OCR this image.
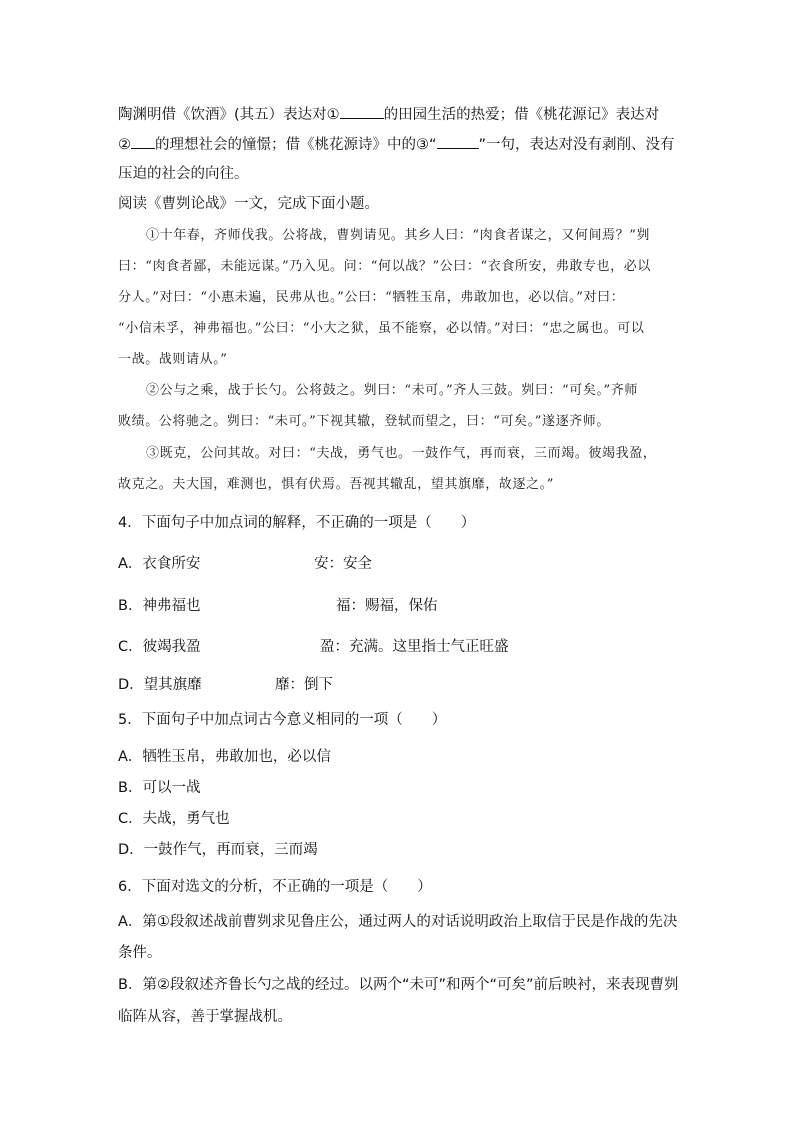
陶渊明借《饮酒》(其五）表达对①	的田园生活的热爱；借《桃花源记》表达对
② 的理想社会的憧憬；借《桃花源诗》中的③“	”一句，表达对没有剥削、没有
压迫的社会的向往。
阅读《曹刿论战》一文，完成下面小题。
①十年春，齐师伐我。公将战，曹刿请见。其乡人曰：“肉食者谋之，又何间焉？”刿
曰：“肉食者鄙，未能远谋。”乃入见。问：“何以战？”公曰：“衣食所安，弗敢专也，必以
分人。”对曰：“小惠未遍，民弗从也。”公曰：“牺牲玉帛，弗敢加也，必以信。”对曰：
“小信未孚，神弗福也。”公曰：“小大之狱，虽不能察，必以情。”对曰：“忠之属也。可以
一战。战则请从。”
②公与之乘，战于长勺。公将鼓之。刿曰：“未可。”齐人三鼓。刿曰：“可矣。”齐师
败绩。公将驰之。刿曰：“未可。”下视其辙，登轼而望之，曰：“可矣。”遂逐齐师。
③既克，公问其故。对曰：“夫战，勇气也。一鼓作气，再而衰，三而竭。彼竭我盈，
故克之。夫大国，难测也，惧有伏焉。吾视其辙乱，望其旗靡，故逐之。”
4．下面句子中加点词的解释，不正确的一项是（　　）
A．衣食所安	安：安全
B．神弗福也	福：赐福，保佑
C．彼竭我盈	盈：充满。这里指士气正旺盛
D．望其旗靡	靡：倒下
5．下面句子中加点词古今意义相同的一项（　　）
A．牺牲玉帛，弗敢加也，必以信
B．可以一战
C．夫战，勇气也
D．一鼓作气，再而衰，三而竭
6．下面对选文的分析，不正确的一项是（　　）
A．第①段叙述战前曹刿求见鲁庄公，通过两人的对话说明政治上取信于民是作战的先决
条件。
B．第②段叙述齐鲁长勺之战的经过。以两个“未可”和两个“可矣”前后映衬，来表现曹刿
临阵从容，善于掌握战机。
